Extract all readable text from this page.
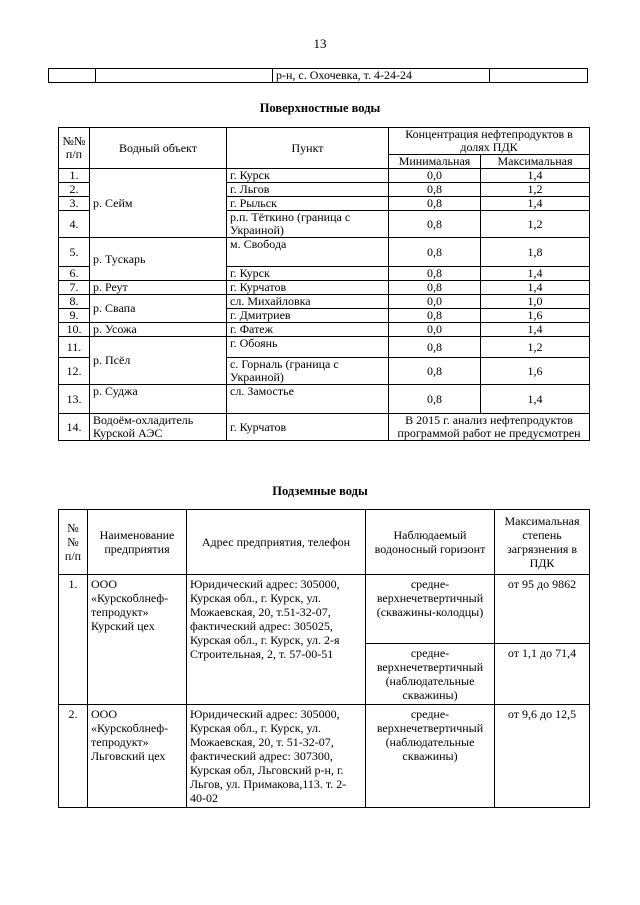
13
		р-н, с. Охочевка, т. 4-24-24	
Поверхностные воды
№№ п/п	Водный объект	Пункт	Концентрация нефтепродуктов в долях ПДК	
			Минимальная	Максимальная
1.	р. Сейм	г. Курск	0,0	1,4
2.		г. Льгов	0,8	1,2
3.		г. Рыльск	0,8	1,4
4.		р.п. Тёткино (граница с Украиной)	0,8	1,2
5.	р. Тускарь	м. Свобода	0,8	1,8
6.		г. Курск	0,8	1,4
7.	р. Реут	г. Курчатов	0,8	1,4
8.	р. Свапа	сл. Михайловка	0,0	1,0
9.		г. Дмитриев	0,8	1,6
10.	р. Усожа	г. Фатеж	0,0	1,4
11.	р. Псёл	г. Обоянь	0,8	1,2
12.		с. Горналь (граница с Украиной)	0,8	1,6
13.	р. Суджа	сл. Замостье	0,8	1,4
14.	Водоём-охладитель Курской АЭС	г. Курчатов	В 2015 г. анализ нефтепродуктов программой работ не предусмотрен	
Подземные воды
№ № п/п	Наименование предприятия	Адрес предприятия, телефон	Наблюдаемый водоносный горизонт	Максимальная степень загрязнения в ПДК
1.	ООО «Курскоблнеф-тепродукт» Курский цех	Юридический адрес: 305000, Курская обл., г. Курск, ул. Можаевская, 20, т.51-32-07, фактический адрес: 305025, Курская обл., г. Курск, ул. 2-я Строительная, 2, т. 57-00-51	средне-верхнечетвертичный (скважины-колодцы)	от 95 до 9862
			средне-верхнечетвертичный (наблюдательные скважины)	от 1,1 до 71,4
2.	ООО «Курскоблнеф-тепродукт» Льговский цех	Юридический адрес: 305000, Курская обл., г. Курск, ул. Можаевская, 20, т. 51-32-07, фактический адрес: 307300, Курская обл, Льговский р-н, г. Льгов, ул. Примакова,113. т. 2-40-02	средне-верхнечетвертичный (наблюдательные скважины)	от 9,6 до 12,5
